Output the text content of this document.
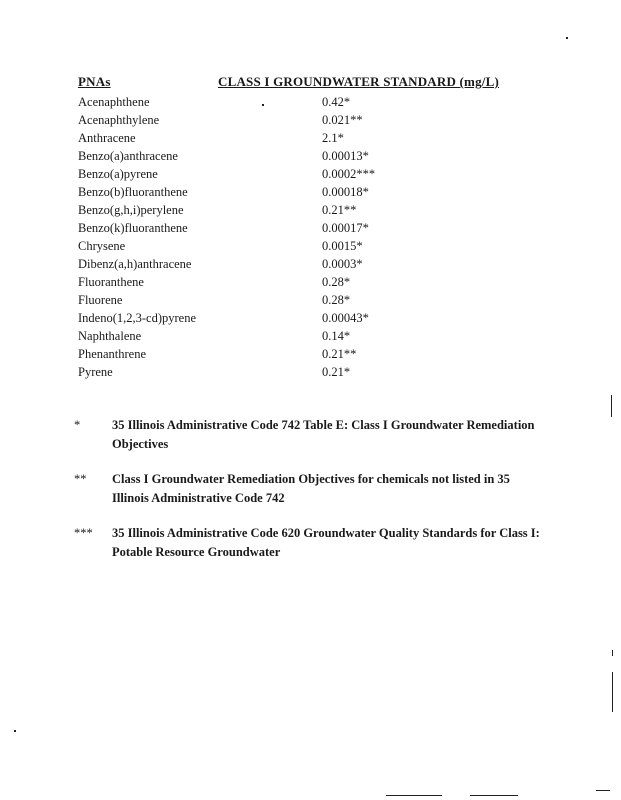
PNAs	CLASS I GROUNDWATER STANDARD (mg/L)
Acenaphthene	0.42*
Acenaphthylene	0.021**
Anthracene	2.1*
Benzo(a)anthracene	0.00013*
Benzo(a)pyrene	0.0002***
Benzo(b)fluoranthene	0.00018*
Benzo(g,h,i)perylene	0.21**
Benzo(k)fluoranthene	0.00017*
Chrysene	0.0015*
Dibenz(a,h)anthracene	0.0003*
Fluoranthene	0.28*
Fluorene	0.28*
Indeno(1,2,3-cd)pyrene	0.00043*
Naphthalene	0.14*
Phenanthrene	0.21**
Pyrene	0.21*
*	35 Illinois Administrative Code 742 Table E: Class I Groundwater Remediation Objectives
** Class I Groundwater Remediation Objectives for chemicals not listed in 35 Illinois Administrative Code 742
*** 35 Illinois Administrative Code 620 Groundwater Quality Standards for Class I: Potable Resource Groundwater
